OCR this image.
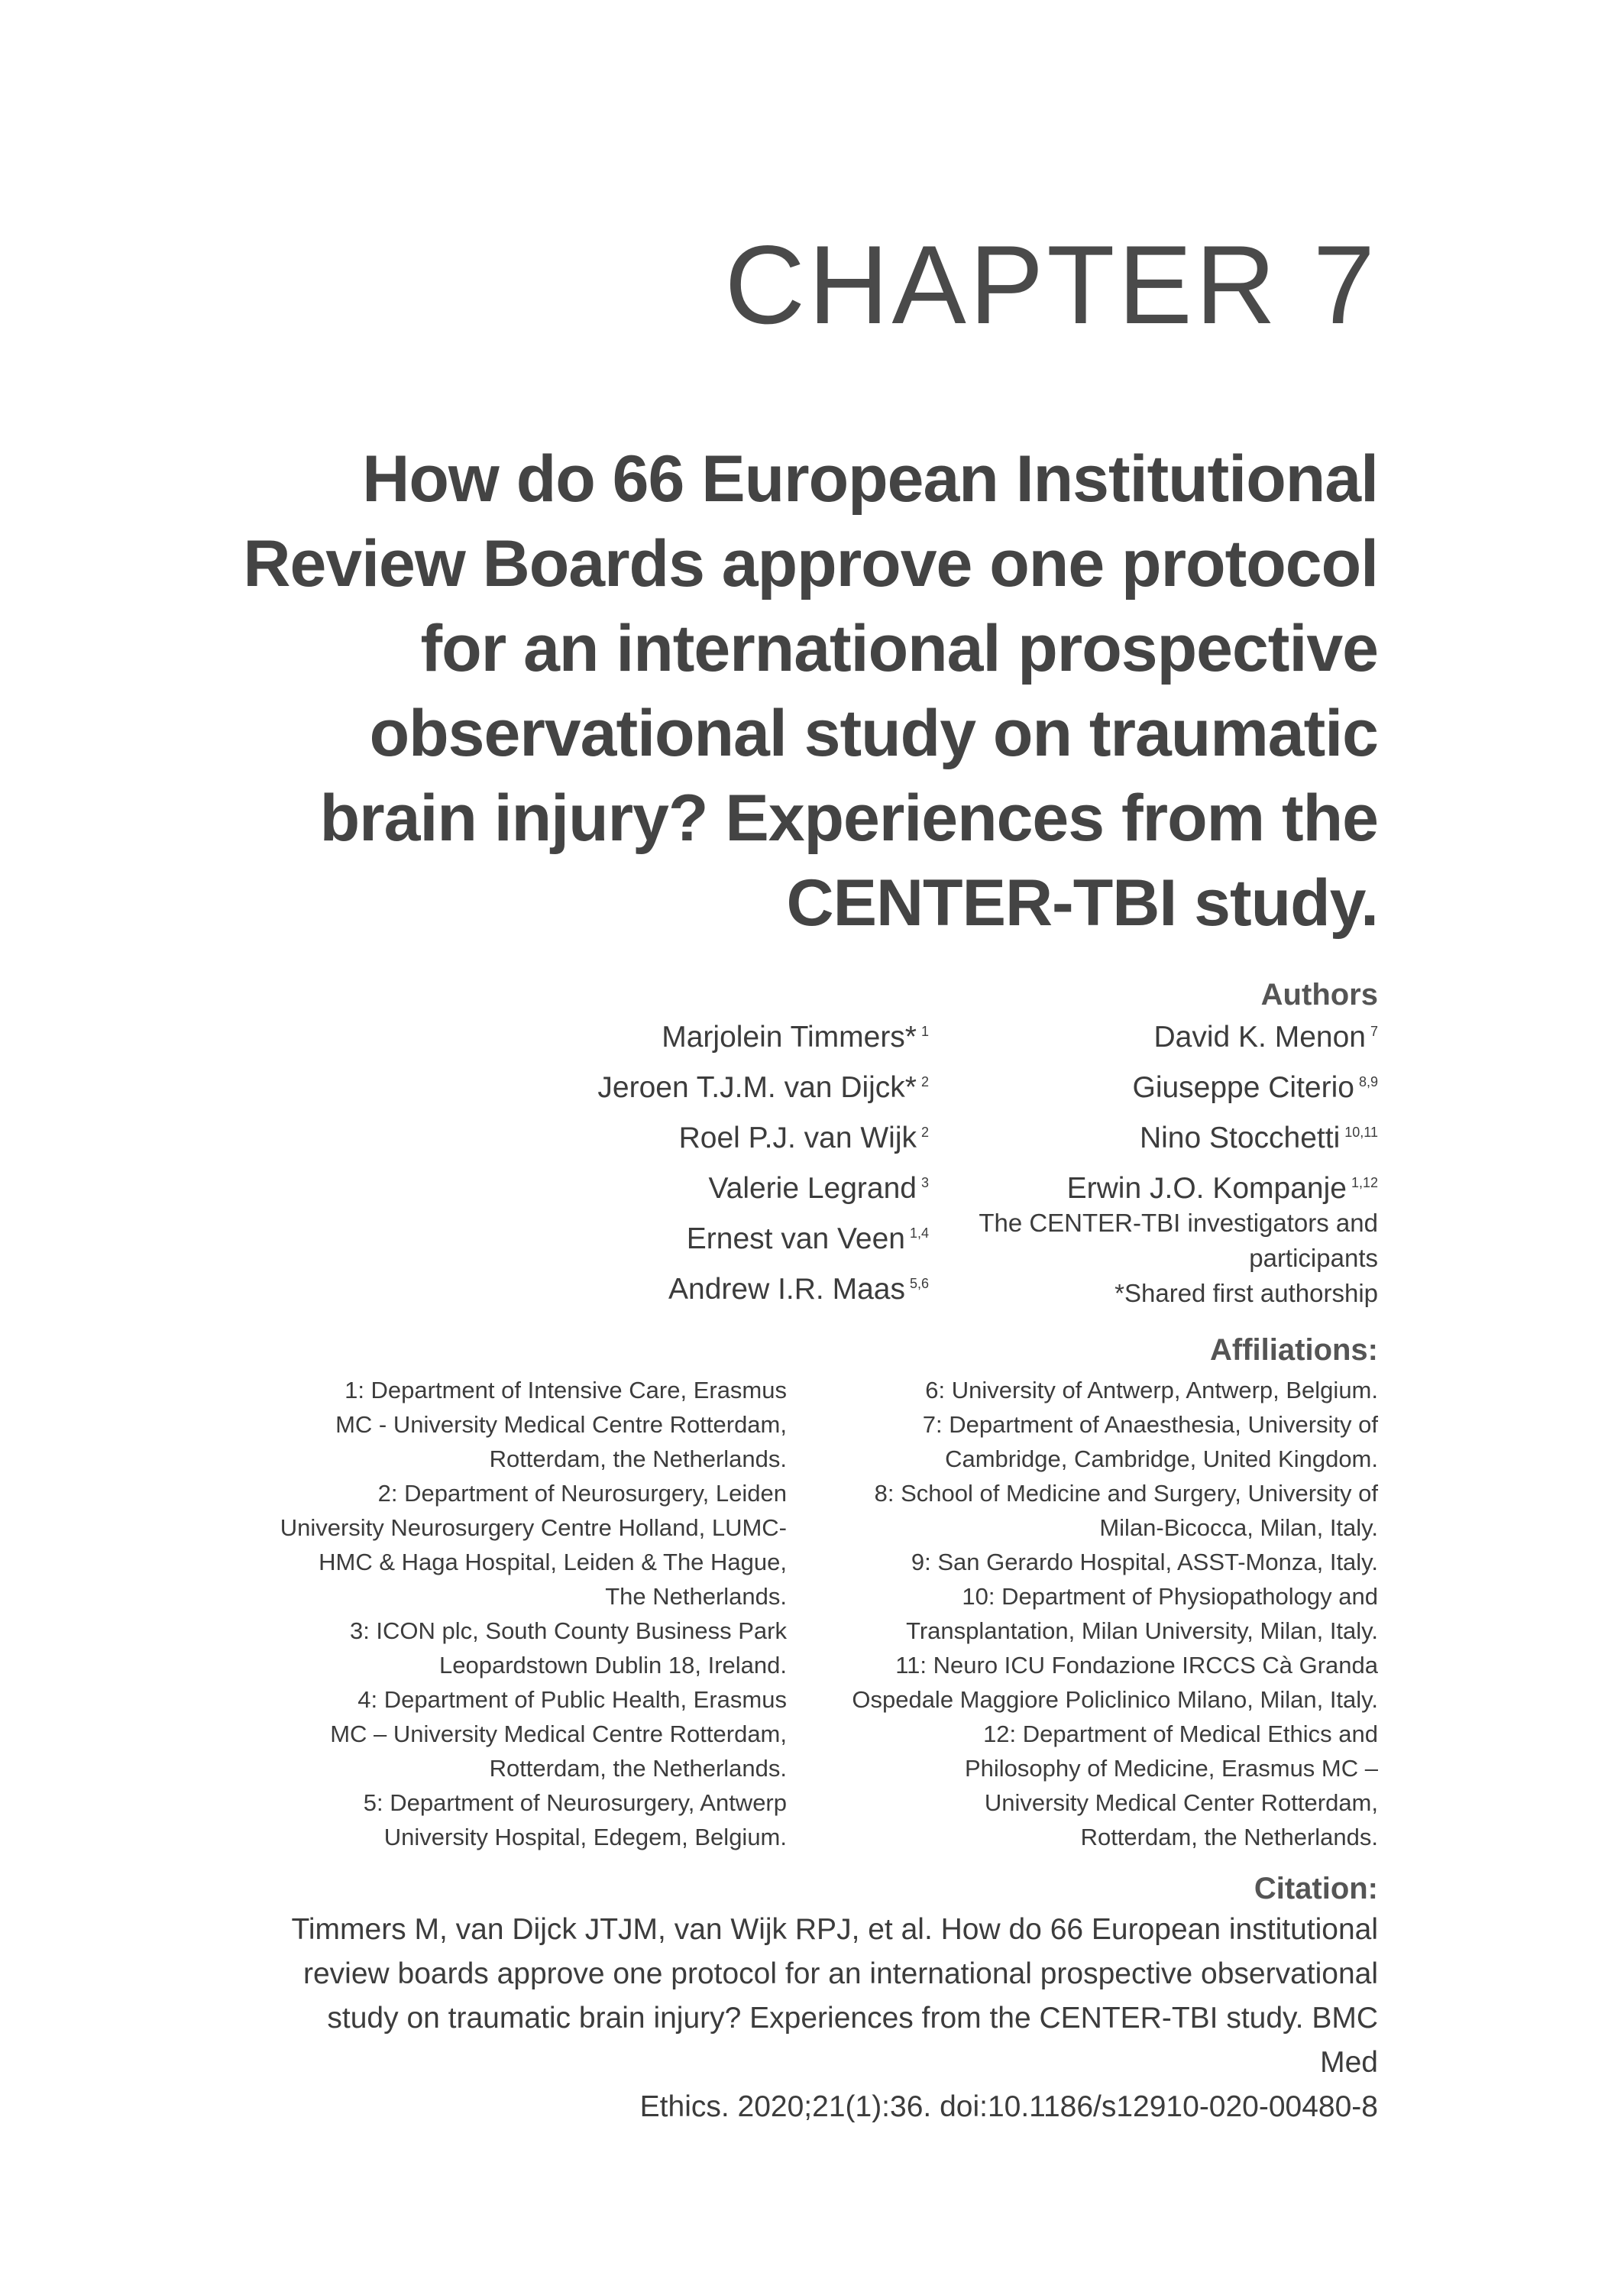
CHAPTER 7
How do 66 European Institutional
Review Boards approve one protocol
for an international prospective
observational study on traumatic
brain injury? Experiences from the
CENTER-TBI study.
Authors
Marjolein Timmers* $^1$
Jeroen T.J.M. van Dijck* $^2$
Roel P.J. van Wijk $^2$
Valerie Legrand $^3$
Ernest van Veen $^{1,4}$
Andrew I.R. Maas $^{5,6}$
David K. Menon $^7$
Giuseppe Citerio $^{8,9}$
Nino Stocchetti $^{10,11}$
Erwin J.O. Kompanje $^{1,12}$
The CENTER-TBI investigators and
participants
*Shared first authorship
Affiliations:
1: Department of Intensive Care, Erasmus
MC - University Medical Centre Rotterdam,
Rotterdam, the Netherlands.
2: Department of Neurosurgery, Leiden
University Neurosurgery Centre Holland, LUMC-
HMC & Haga Hospital, Leiden & The Hague,
The Netherlands.
3: ICON plc, South County Business Park
Leopardstown Dublin 18, Ireland.
4: Department of Public Health, Erasmus
MC – University Medical Centre Rotterdam,
Rotterdam, the Netherlands.
5: Department of Neurosurgery, Antwerp
University Hospital, Edegem, Belgium.
6: University of Antwerp, Antwerp, Belgium.
7: Department of Anaesthesia, University of
Cambridge, Cambridge, United Kingdom.
8: School of Medicine and Surgery, University of
Milan-Bicocca, Milan, Italy.
9: San Gerardo Hospital, ASST-Monza, Italy.
10: Department of Physiopathology and
Transplantation, Milan University, Milan, Italy.
11: Neuro ICU Fondazione IRCCS Cà Granda
Ospedale Maggiore Policlinico Milano, Milan, Italy.
12: Department of Medical Ethics and
Philosophy of Medicine, Erasmus MC –
University Medical Center Rotterdam,
Rotterdam, the Netherlands.
Citation:
Timmers M, van Dijck JTJM, van Wijk RPJ, et al. How do 66 European institutional
review boards approve one protocol for an international prospective observational
study on traumatic brain injury? Experiences from the CENTER-TBI study. BMC Med
Ethics. 2020;21(1):36. doi:10.1186/s12910-020-00480-8
